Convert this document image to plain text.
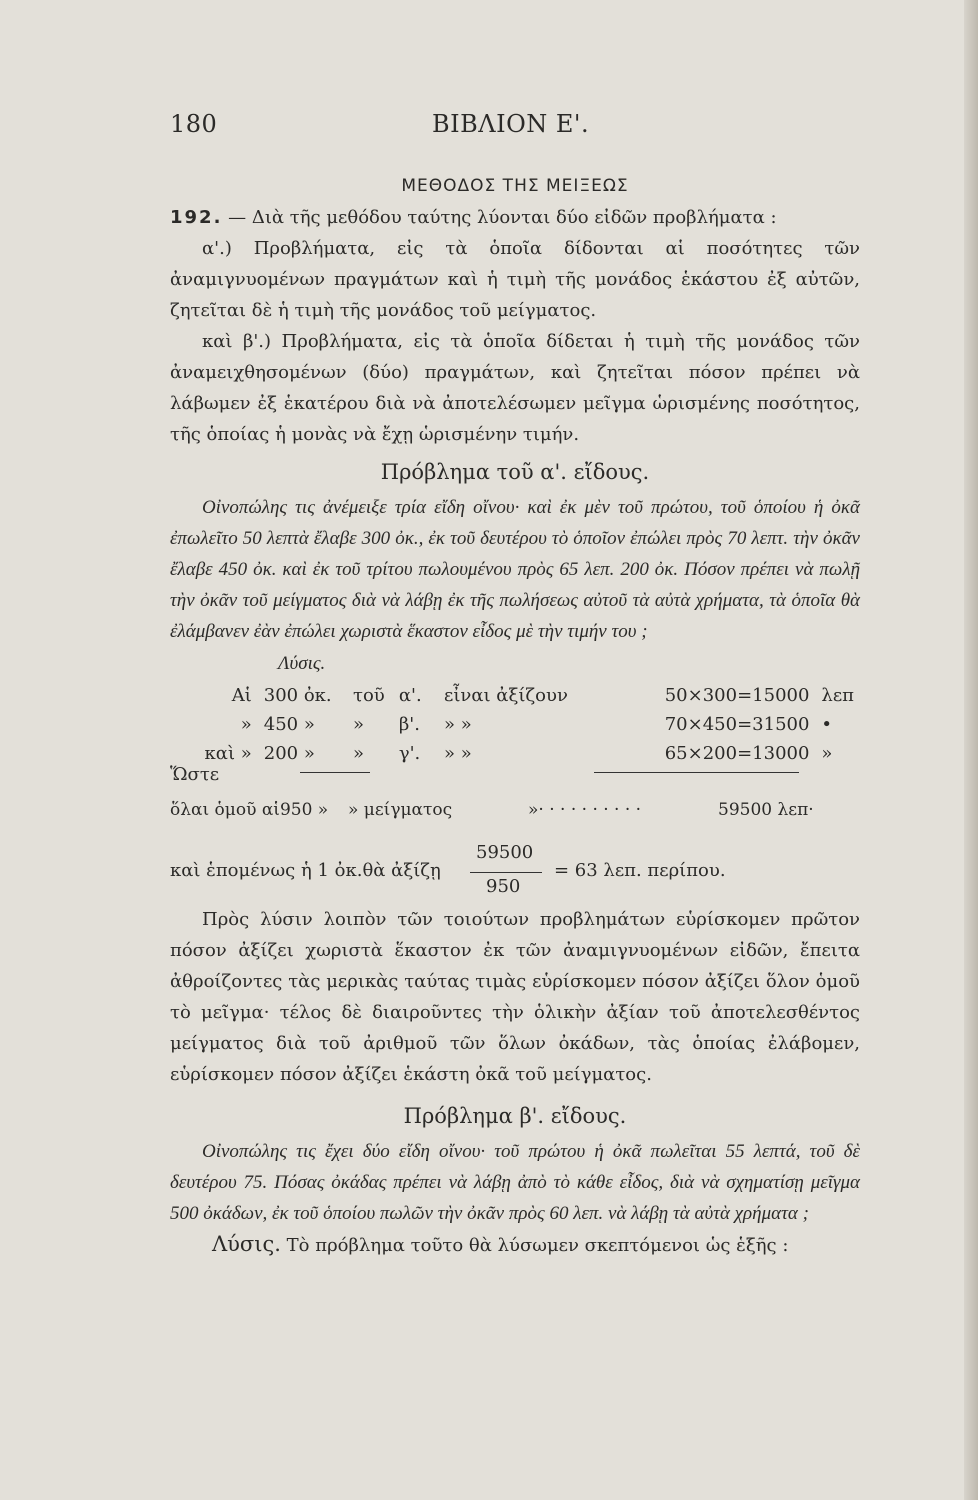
180	ΒΙΒΛΙΟΝ Ε'.
ΜΕΘΟΔΟΣ ΤΗΣ ΜΕΙΞΕΩΣ

192. — Διὰ τῆς μεθόδου ταύτης λύονται δύο εἰδῶν προβλήματα :

α'.) Προβλήματα, εἰς τὰ ὁποῖα δίδονται αἱ ποσότητες τῶν ἀναμιγνυομένων πραγμάτων καὶ ἡ τιμὴ τῆς μονάδος ἑκάστου ἐξ αὐτῶν, ζητεῖται δὲ ἡ τιμὴ τῆς μονάδος τοῦ μείγματος.

καὶ β'.) Προβλήματα, εἰς τὰ ὁποῖα δίδεται ἡ τιμὴ τῆς μονάδος τῶν ἀναμειχθησομένων (δύο) πραγμάτων, καὶ ζητεῖται πόσον πρέπει νὰ λάβωμεν ἐξ ἑκατέρου διὰ νὰ ἀποτελέσωμεν μεῖγμα ὡρισμένης ποσότητος, τῆς ὁποίας ἡ μονὰς νὰ ἔχῃ ὡρισμένην τιμήν.

Πρόβλημα τοῦ α'. εἴδους.

Οἰνοπώλης τις ἀνέμειξε τρία εἴδη οἴνου· καὶ ἐκ μὲν τοῦ πρώτου, τοῦ ὁποίου ἡ ὀκᾶ ἐπωλεῖτο 50 λεπτὰ ἔλαβε 300 ὀκ., ἐκ τοῦ δευτέρου τὸ ὁποῖον ἐπώλει πρὸς 70 λεπτ. τὴν ὀκᾶν ἔλαβε 450 ὀκ. καὶ ἐκ τοῦ τρίτου πωλουμένου πρὸς 65 λεπ. 200 ὀκ. Πόσον πρέπει νὰ πωλῇ τὴν ὀκᾶν τοῦ μείγματος διὰ νὰ λάβῃ ἐκ τῆς πωλήσεως αὐτοῦ τὰ αὐτὰ χρήματα, τὰ ὁποῖα θὰ ἐλάμβανεν ἐὰν ἐπώλει χωριστὰ ἕκαστον εἶδος μὲ τὴν τιμήν του ;

Λύσις.
Αἱ	300 ὀκ.	τοῦ	α'.	εἶναι ἀξίζουν	50×300=15000	λεπ
»	450 »	»	β'.	» »	70×450=31500	•
καὶ »	200 »	»	γ'.	» »	65×200=13000	»
Ὥστε
ὅλαι ὁμοῦ αἱ950 » » μείγματος	»· · · · · · · · · ·	59500 λεπ·
καὶ ἑπομένως ἡ 1 ὀκ.θὰ ἀξίζῃ
59500
950
= 63 λεπ. περίπου.

Πρὸς λύσιν λοιπὸν τῶν τοιούτων προβλημάτων εὑρίσκομεν πρῶτον πόσον ἀξίζει χωριστὰ ἕκαστον ἐκ τῶν ἀναμιγνυομένων εἰδῶν, ἔπειτα ἀθροίζοντες τὰς μερικὰς ταύτας τιμὰς εὑρίσκομεν πόσον ἀξίζει ὅλον ὁμοῦ τὸ μεῖγμα· τέλος δὲ διαιροῦντες τὴν ὁλικὴν ἀξίαν τοῦ ἀποτελεσθέντος μείγματος διὰ τοῦ ἀριθμοῦ τῶν ὅλων ὀκάδων, τὰς ὁποίας ἐλάβομεν, εὑρίσκομεν πόσον ἀξίζει ἑκάστη ὀκᾶ τοῦ μείγματος.

Πρόβλημα β'. εἴδους.

Οἰνοπώλης τις ἔχει δύο εἴδη οἴνου· τοῦ πρώτου ἡ ὀκᾶ πωλεῖται 55 λεπτά, τοῦ δὲ δευτέρου 75. Πόσας ὀκάδας πρέπει νὰ λάβῃ ἀπὸ τὸ κάθε εἶδος, διὰ νὰ σχηματίσῃ μεῖγμα 500 ὀκάδων, ἐκ τοῦ ὁποίου πωλῶν τὴν ὀκᾶν πρὸς 60 λεπ. νὰ λάβῃ τὰ αὐτὰ χρήματα ;

Λύσις. Τὸ πρόβλημα τοῦτο θὰ λύσωμεν σκεπτόμενοι ὡς ἑξῆς :
